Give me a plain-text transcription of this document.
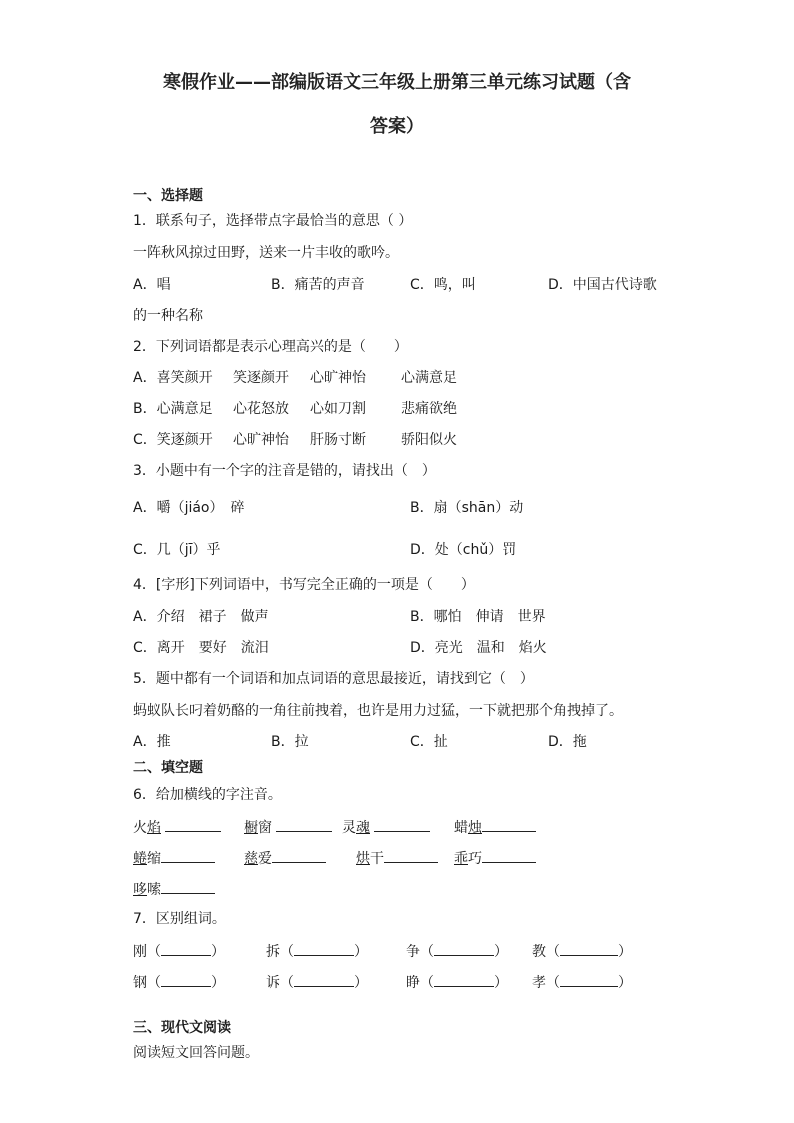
寒假作业——部编版语文三年级上册第三单元练习试题（含
答案）
一、选择题
1．联系句子，选择带点字最恰当的意思（ ）
一阵秋风掠过田野，送来一片丰收的歌吟。
A．唱	B．痛苦的声音	C．鸣，叫	D．中国古代诗歌
的一种名称
2．下列词语都是表示心理高兴的是（　　）
A．喜笑颜开 笑逐颜开 心旷神怡	心满意足
B．心满意足 心花怒放 心如刀割	悲痛欲绝
C．笑逐颜开 心旷神怡 肝肠寸断	骄阳似火
3．小题中有一个字的注音是错的，请找出（　）
A．嚼（jiáo）　碎	B．扇（shān）动
C．几（jī）乎	D．处（chǔ）罚
4．[字形]下列词语中，书写完全正确的一项是（　　）
A．介绍　裙子　做声	B．哪怕　伸请　世界
C．离开　要好　流汨	D．亮光　温和　焰火
5．题中都有一个词语和加点词语的意思最接近，请找到它（　）
蚂蚁队长叼着奶酪的一角往前拽着，也许是用力过猛，一下就把那个角拽掉了。
A．推	B．拉	C．扯	D．拖
二、填空题
6．给加横线的字注音。
火焰	橱窗	灵魂	蜡烛
蜷缩	慈爱	烘干	乖巧
哆嗦
7．区别组词。
刚（	）	拆（	）	争（	） 教（	）
钢（	）	诉（	）	睁（	） 孝（	）
三、现代文阅读
阅读短文回答问题。
